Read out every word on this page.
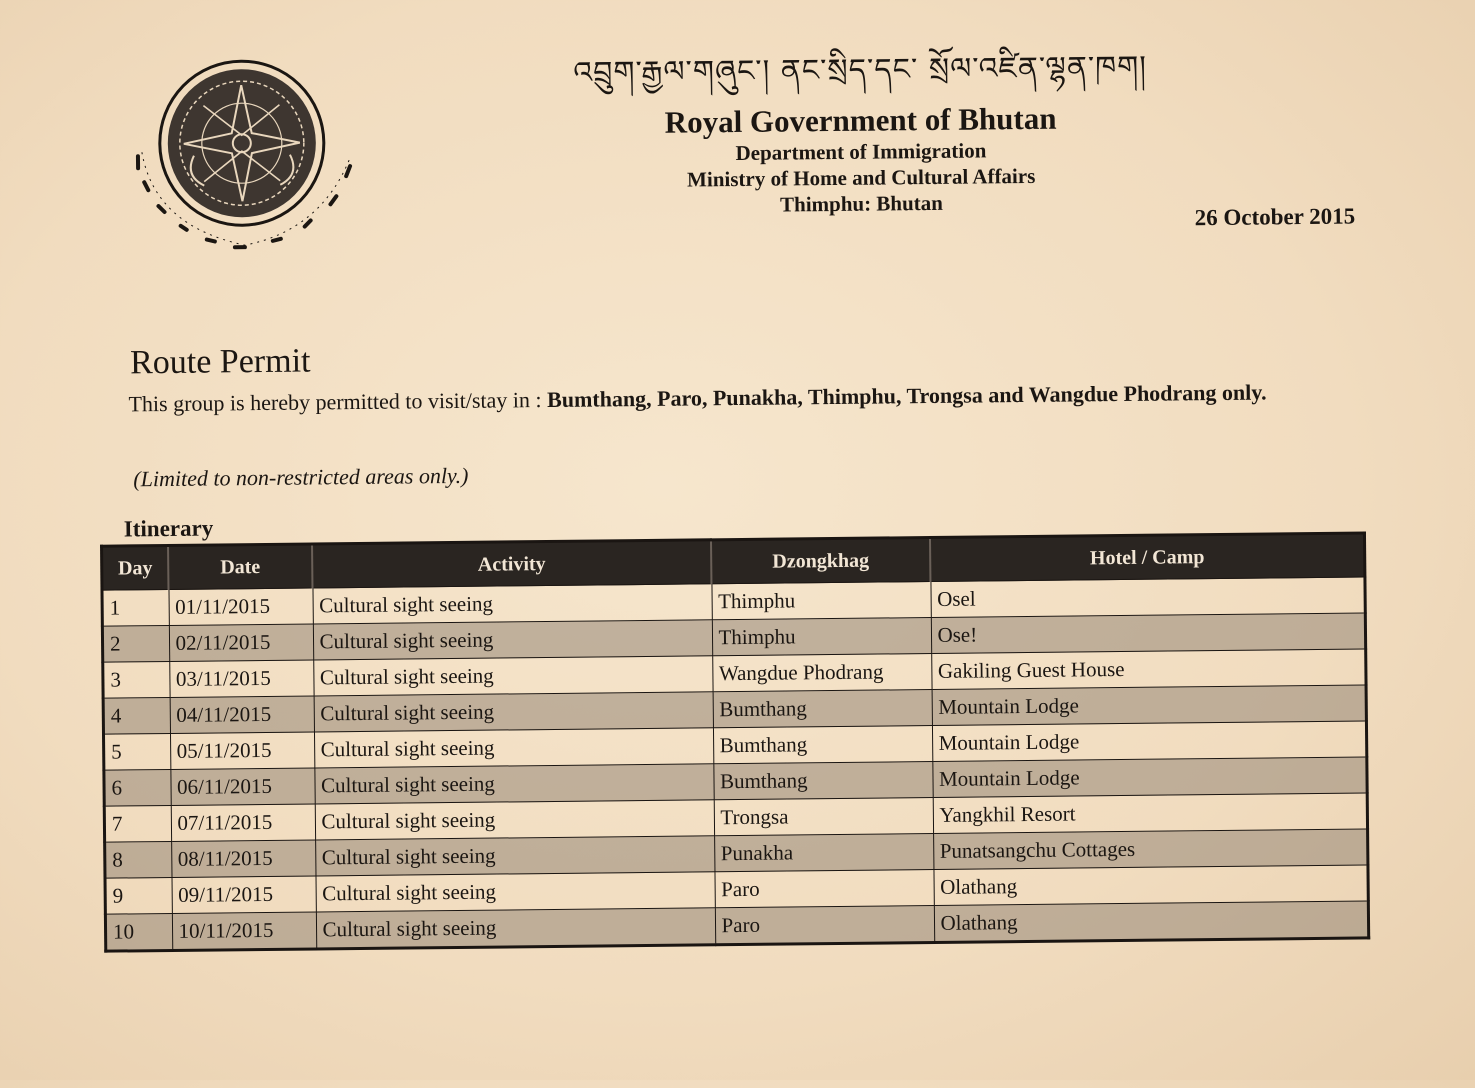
འབྲུག་རྒྱལ་གཞུང་། ནང་སྲིད་དང་ སྲོལ་འཛིན་ལྷན་ཁག།
Royal Government of Bhutan
Department of Immigration
Ministry of Home and Cultural Affairs
Thimphu: Bhutan	26 October 2015
Route Permit
This group is hereby permitted to visit/stay in : Bumthang, Paro, Punakha, Thimphu, Trongsa and Wangdue Phodrang only.
(Limited to non-restricted areas only.)
Itinerary
Day	Date	Activity	Dzongkhag	Hotel / Camp
1	01/11/2015	Cultural sight seeing	Thimphu	Osel
2	02/11/2015	Cultural sight seeing	Thimphu	Ose!
3	03/11/2015	Cultural sight seeing	Wangdue Phodrang	Gakiling Guest House
4	04/11/2015	Cultural sight seeing	Bumthang	Mountain Lodge
5	05/11/2015	Cultural sight seeing	Bumthang	Mountain Lodge
6	06/11/2015	Cultural sight seeing	Bumthang	Mountain Lodge
7	07/11/2015	Cultural sight seeing	Trongsa	Yangkhil Resort
8	08/11/2015	Cultural sight seeing	Punakha	Punatsangchu Cottages
9	09/11/2015	Cultural sight seeing	Paro	Olathang
10	10/11/2015	Cultural sight seeing	Paro	Olathang
